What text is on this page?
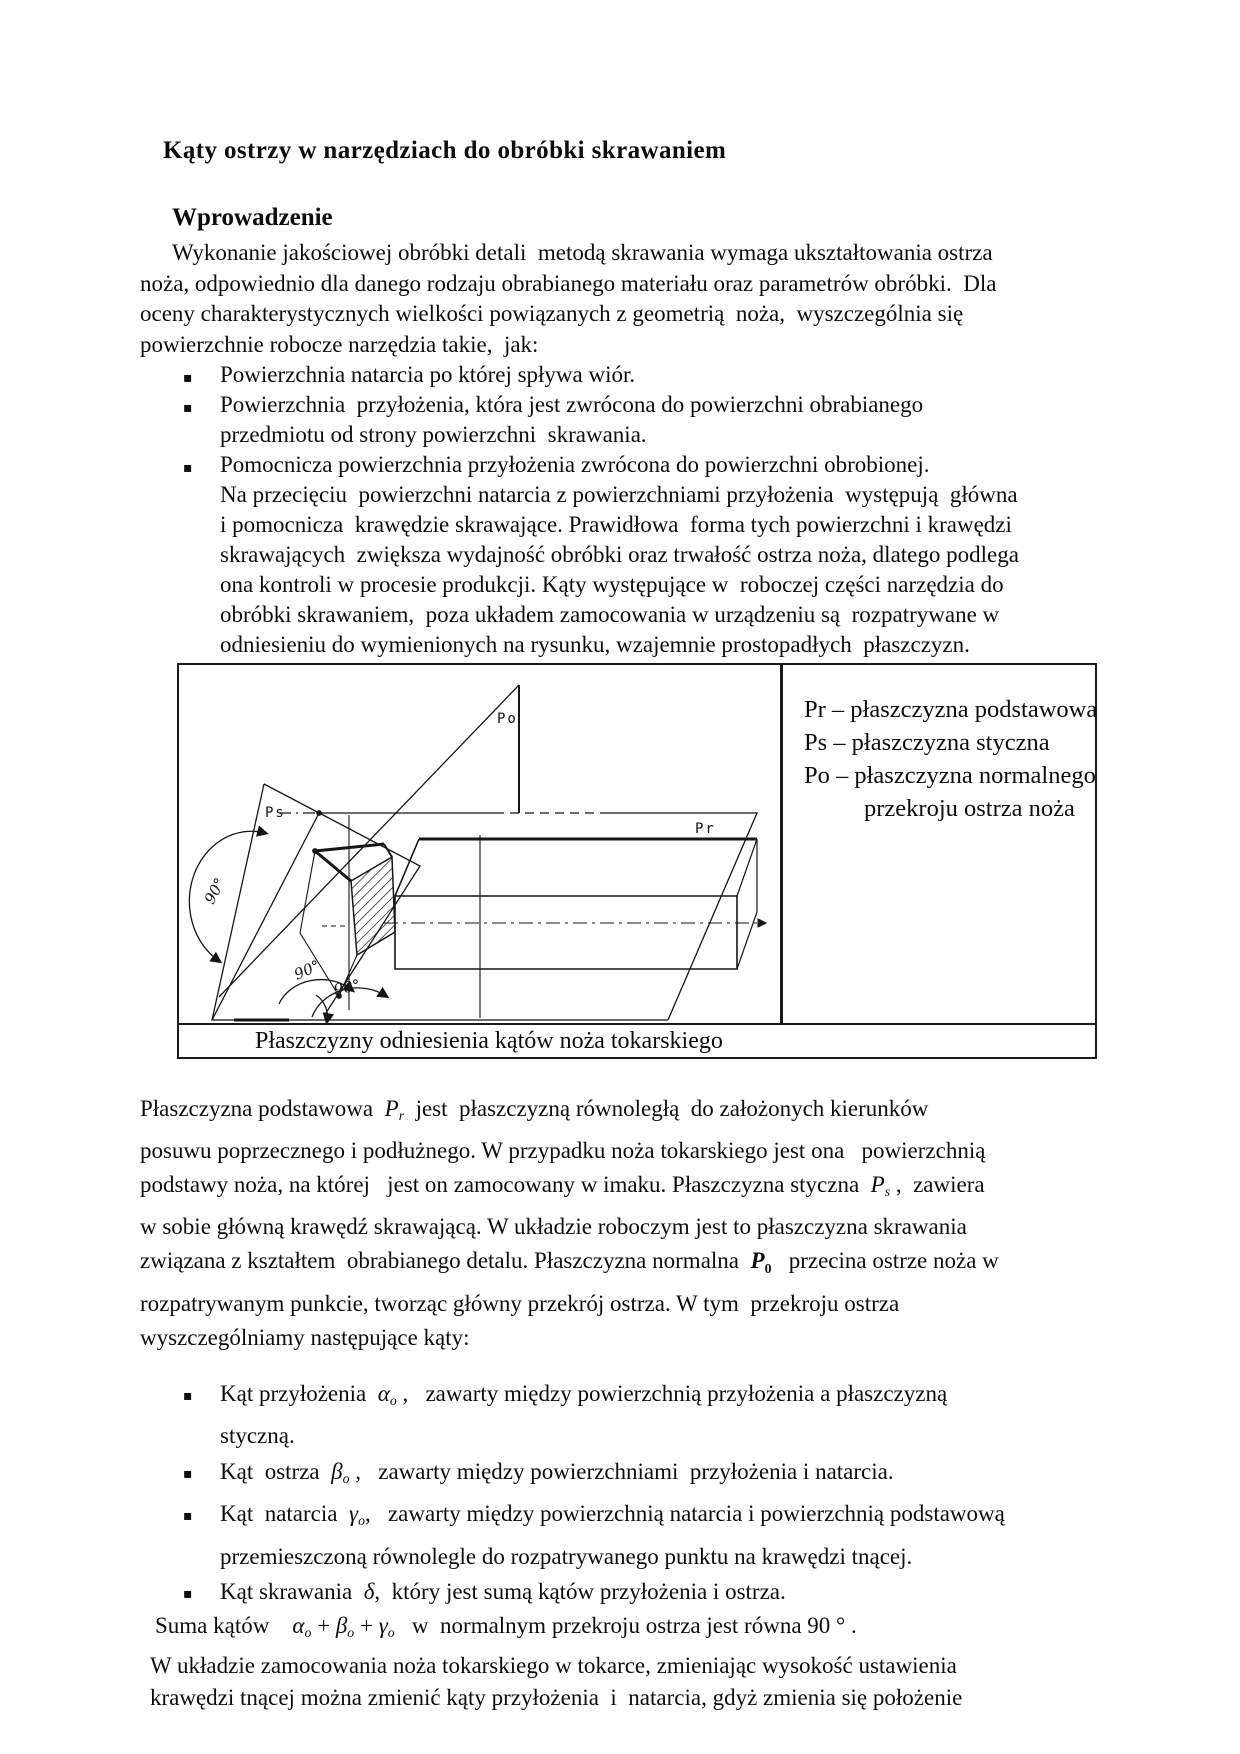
Kąty ostrzy w narzędziach do obróbki skrawaniem
Wprowadzenie
Wykonanie jakościowej obróbki detali  metodą skrawania wymaga ukształtowania ostrza
noża, odpowiednio dla danego rodzaju obrabianego materiału oraz parametrów obróbki.  Dla
oceny charakterystycznych wielkości powiązanych z geometrią  noża,  wyszczególnia się
powierzchnie robocze narzędzia takie,  jak:
▪ Powierzchnia natarcia po której spływa wiór.
▪ Powierzchnia  przyłożenia, która jest zwrócona do powierzchni obrabianego
przedmiotu od strony powierzchni  skrawania.
▪ Pomocnicza powierzchnia przyłożenia zwrócona do powierzchni obrobionej.
Na przecięciu  powierzchni natarcia z powierzchniami przyłożenia  występują  główna
i pomocnicza  krawędzie skrawające. Prawidłowa  forma tych powierzchni i krawędzi
skrawających  zwiększa wydajność obróbki oraz trwałość ostrza noża, dlatego podlega
ona kontroli w procesie produkcji. Kąty występujące w  roboczej części narzędzia do
obróbki skrawaniem,  poza układem zamocowania w urządzeniu są  rozpatrywane w
odniesieniu do wymienionych na rysunku, wzajemnie prostopadłych  płaszczyzn.
Po
Ps
Pr
90°
90°
90°
Pr – płaszczyzna podstawowa
Ps – płaszczyzna styczna
Po – płaszczyzna normalnego
przekroju ostrza noża
Płaszczyzny odniesienia kątów noża tokarskiego
Płaszczyzna podstawowa  Pr  jest  płaszczyzną równoległą  do założonych kierunków
posuwu poprzecznego i podłużnego. W przypadku noża tokarskiego jest ona   powierzchnią
podstawy noża, na której   jest on zamocowany w imaku. Płaszczyzna styczna  Ps ,  zawiera
w sobie główną krawędź skrawającą. W układzie roboczym jest to płaszczyzna skrawania
związana z kształtem  obrabianego detalu. Płaszczyzna normalna  $P_0$   przecina ostrze noża w
rozpatrywanym punkcie, tworząc główny przekrój ostrza. W tym  przekroju ostrza
wyszczególniamy następujące kąty:
▪ Kąt przyłożenia  αo ,   zawarty między powierzchnią przyłożenia a płaszczyzną
styczną.
▪ Kąt  ostrza  βo ,   zawarty między powierzchniami  przyłożenia i natarcia.
▪ Kąt  natarcia  γo,   zawarty między powierzchnią natarcia i powierzchnią podstawową
przemieszczoną równolegle do rozpatrywanego punktu na krawędzi tnącej.
▪ Kąt skrawania  δ,  który jest sumą kątów przyłożenia i ostrza.
Suma kątów    αo + βo + γo   w  normalnym przekroju ostrza jest równa 90 ° .
W układzie zamocowania noża tokarskiego w tokarce, zmieniając wysokość ustawienia
krawędzi tnącej można zmienić kąty przyłożenia  i  natarcia, gdyż zmienia się położenie
